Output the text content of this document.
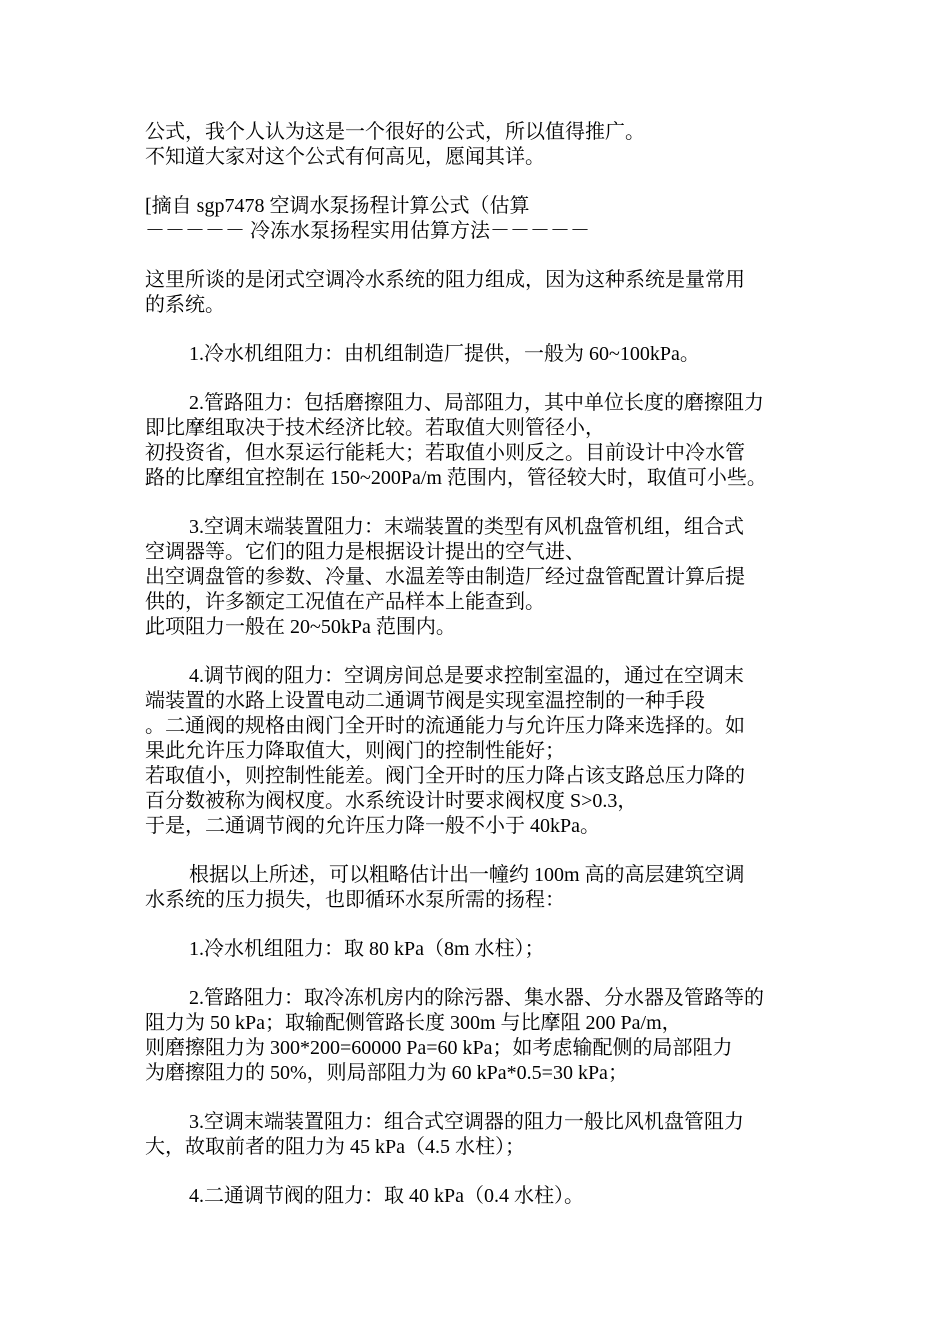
公式，我个人认为这是一个很好的公式，所以值得推广。
不知道大家对这个公式有何高见，愿闻其详。
[摘自 sgp7478 空调水泵扬程计算公式（估算
－－－－－ 冷冻水泵扬程实用估算方法－－－－－
这里所谈的是闭式空调冷水系统的阻力组成，因为这种系统是量常用
的系统。
1.冷水机组阻力：由机组制造厂提供，一般为 60~100kPa。
2.管路阻力：包括磨擦阻力、局部阻力，其中单位长度的磨擦阻力
即比摩组取决于技术经济比较。若取值大则管径小，
初投资省，但水泵运行能耗大；若取值小则反之。目前设计中冷水管
路的比摩组宜控制在 150~200Pa/m 范围内，管径较大时，取值可小些。
3.空调末端装置阻力：末端装置的类型有风机盘管机组，组合式
空调器等。它们的阻力是根据设计提出的空气进、
出空调盘管的参数、冷量、水温差等由制造厂经过盘管配置计算后提
供的，许多额定工况值在产品样本上能查到。
此项阻力一般在 20~50kPa 范围内。
4.调节阀的阻力：空调房间总是要求控制室温的，通过在空调末
端装置的水路上设置电动二通调节阀是实现室温控制的一种手段
。二通阀的规格由阀门全开时的流通能力与允许压力降来选择的。如
果此允许压力降取值大，则阀门的控制性能好；
若取值小，则控制性能差。阀门全开时的压力降占该支路总压力降的
百分数被称为阀权度。水系统设计时要求阀权度 S>0.3，
于是，二通调节阀的允许压力降一般不小于 40kPa。
根据以上所述，可以粗略估计出一幢约 100m 高的高层建筑空调
水系统的压力损失，也即循环水泵所需的扬程：
1.冷水机组阻力：取 80 kPa（8m 水柱）；
2.管路阻力：取冷冻机房内的除污器、集水器、分水器及管路等的
阻力为 50 kPa；取输配侧管路长度 300m 与比摩阻 200 Pa/m，
则磨擦阻力为 300*200=60000 Pa=60 kPa；如考虑输配侧的局部阻力
为磨擦阻力的 50%，则局部阻力为 60 kPa*0.5=30 kPa；
3.空调末端装置阻力：组合式空调器的阻力一般比风机盘管阻力
大，故取前者的阻力为 45 kPa（4.5 水柱）；
4.二通调节阀的阻力：取 40 kPa（0.4 水柱）。
